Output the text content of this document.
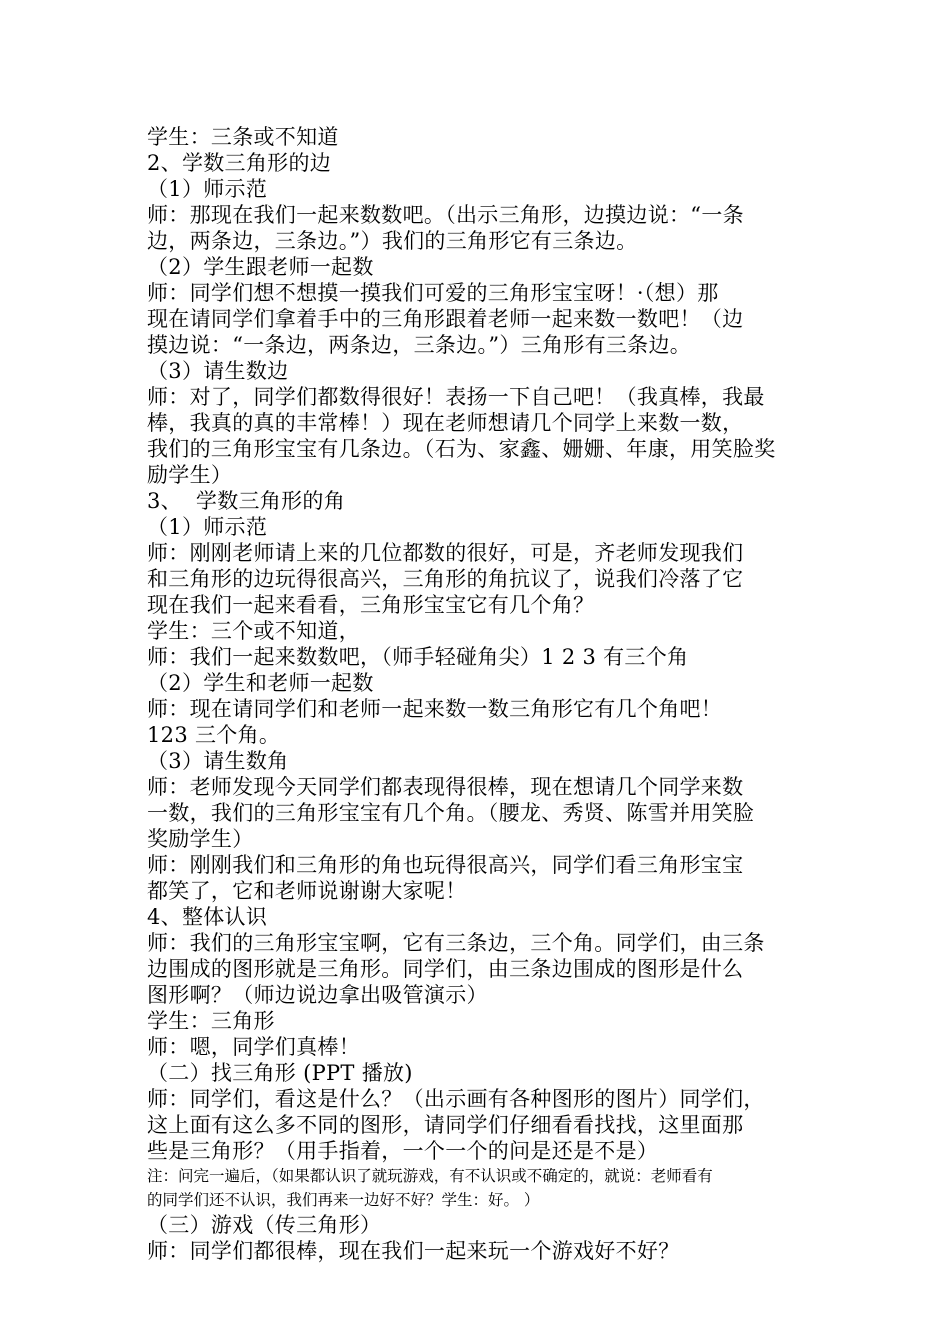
学生：三条或不知道
2、学数三角形的边
（1）师示范
师：那现在我们一起来数数吧。（出示三角形，边摸边说：“一条
边，两条边，三条边。”）我们的三角形它有三条边。
（2）学生跟老师一起数
师：同学们想不想摸一摸我们可爱的三角形宝宝呀！·（想）那
现在请同学们拿着手中的三角形跟着老师一起来数一数吧！（边
摸边说：“一条边，两条边，三条边。”）三角形有三条边。
（3）请生数边
师：对了，同学们都数得很好！表扬一下自己吧！（我真棒，我最
棒，我真的真的丰常棒！）现在老师想请几个同学上来数一数，
我们的三角形宝宝有几条边。（石为、家鑫、姗姗、年康，用笑脸奖
励学生）
3、  学数三角形的角
（1）师示范
师：刚刚老师请上来的几位都数的很好，可是，齐老师发现我们
和三角形的边玩得很高兴，三角形的角抗议了，说我们冷落了它
现在我们一起来看看，三角形宝宝它有几个角？
学生：三个或不知道，
师：我们一起来数数吧，（师手轻碰角尖）1 2 3 有三个角
（2）学生和老师一起数
师：现在请同学们和老师一起来数一数三角形它有几个角吧！
123 三个角。
（3）请生数角
师：老师发现今天同学们都表现得很棒，现在想请几个同学来数
一数，我们的三角形宝宝有几个角。（腰龙、秀贤、陈雪并用笑脸
奖励学生）
师：刚刚我们和三角形的角也玩得很高兴，同学们看三角形宝宝
都笑了，它和老师说谢谢大家呢！
4、整体认识
师：我们的三角形宝宝啊，它有三条边，三个角。同学们，由三条
边围成的图形就是三角形。同学们，由三条边围成的图形是什么
图形啊？（师边说边拿出吸管演示）
学生：三角形
师：嗯，同学们真棒！
（二）找三角形 (PPT 播放)
师：同学们，看这是什么？（出示画有各种图形的图片）同学们，
这上面有这么多不同的图形，请同学们仔细看看找找，这里面那
些是三角形？（用手指着，一个一个的问是还是不是）
注：问完一遍后，（如果都认识了就玩游戏，有不认识或不确定的，就说：老师看有
的同学们还不认识，我们再来一边好不好？学生：好。 ）
（三）游戏（传三角形）
师：同学们都很棒，现在我们一起来玩一个游戏好不好？
